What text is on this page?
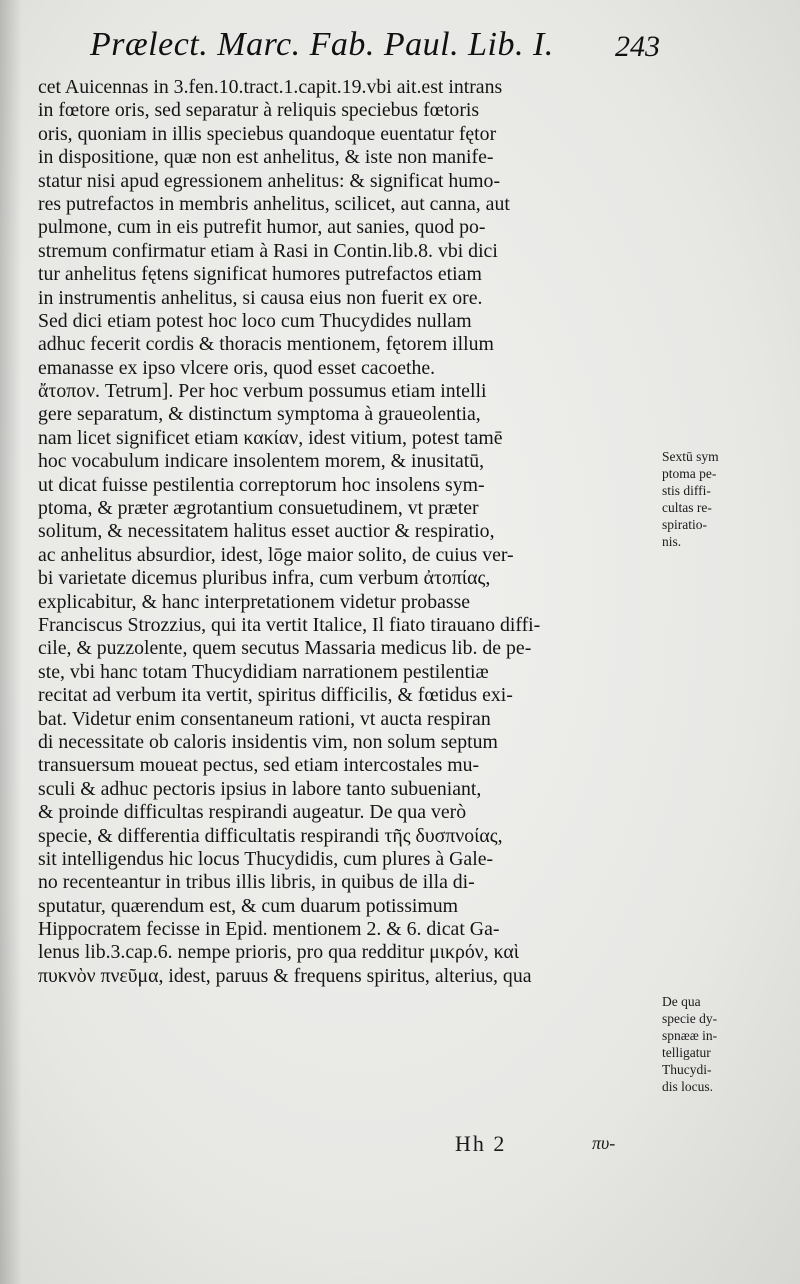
Prælect. Marc. Fab. Paul. Lib. I. 243
cet Auicennas in 3.fen.10.tract.1.capit.19.vbi ait.est intrans
in fœtore oris, sed separatur à reliquis speciebus fœtoris
oris, quoniam in illis speciebus quandoque euentatur fętor
in dispositione, quæ non est anhelitus, & iste non manife-
statur nisi apud egressionem anhelitus: & significat humo-
res putrefactos in membris anhelitus, scilicet, aut canna, aut
pulmone, cum in eis putrefit humor, aut sanies, quod po-
stremum confirmatur etiam à Rasi in Contin.lib.8. vbi dici
tur anhelitus fętens significat humores putrefactos etiam
in instrumentis anhelitus, si causa eius non fuerit ex ore.
Sed dici etiam potest hoc loco cum Thucydides nullam
adhuc fecerit cordis & thoracis mentionem, fętorem illum
emanasse ex ipso vlcere oris, quod esset cacoethe.
ἄτοπον. Tetrum]. Per hoc verbum possumus etiam intelli
gere separatum, & distinctum symptoma à graueolentia,
nam licet significet etiam κακίαν, idest vitium, potest tamē
hoc vocabulum indicare insolentem morem, & inusitatū,
ut dicat fuisse pestilentia correptorum hoc insolens sym-
ptoma, & præter ægrotantium consuetudinem, vt præter
solitum, & necessitatem halitus esset auctior & respiratio,
ac anhelitus absurdior, idest, lōge maior solito, de cuius ver-
bi varietate dicemus pluribus infra, cum verbum ἀτοπίας,
explicabitur, & hanc interpretationem videtur probasse
Franciscus Strozzius, qui ita vertit Italice, Il fiato tirauano diffi-
cile, & puzzolente, quem secutus Massaria medicus lib. de pe-
ste, vbi hanc totam Thucydidiam narrationem pestilentiæ
recitat ad verbum ita vertit, spiritus difficilis, & fœtidus exi-
bat. Videtur enim consentaneum rationi, vt aucta respiran
di necessitate ob caloris insidentis vim, non solum septum
transuersum moueat pectus, sed etiam intercostales mu-
sculi & adhuc pectoris ipsius in labore tanto subueniant,
& proinde difficultas respirandi augeatur. De qua verò
specie, & differentia difficultatis respirandi τῆς δυσπνοίας,
sit intelligendus hic locus Thucydidis, cum plures à Gale-
no recenteantur in tribus illis libris, in quibus de illa di-
sputatur, quærendum est, & cum duarum potissimum
Hippocratem fecisse in Epid. mentionem 2. & 6. dicat Ga-
lenus lib.3.cap.6. nempe prioris, pro qua redditur μικρόν, καὶ
πυκνὸν πνεῦμα, idest, paruus & frequens spiritus, alterius, qua
Sextū sym
ptoma pe-
stis diffi-
cultas re-
spiratio-
nis.
De qua
specie dy-
spnææ in-
telligatur
Thucydi-
dis locus.
Hh 2	πυ-
